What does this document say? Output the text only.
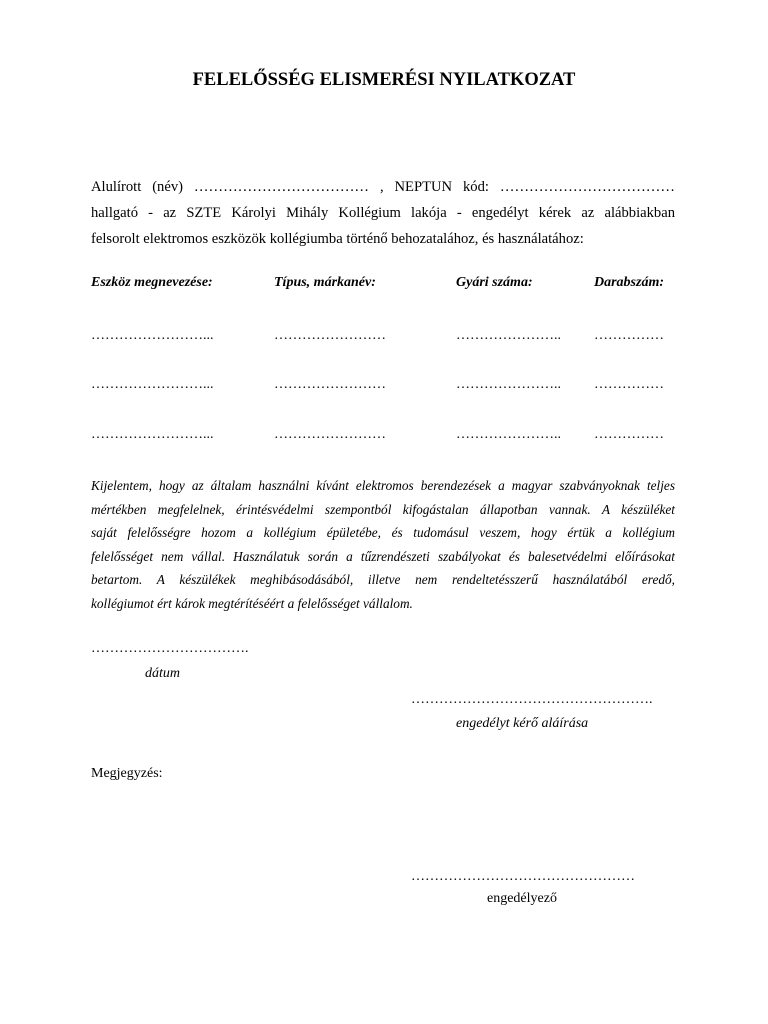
FELELŐSSÉG ELISMERÉSI NYILATKOZAT
Alulírott (név) ……………………………… , NEPTUN kód: ………………………………
hallgató - az SZTE Károlyi Mihály Kollégium lakója - engedélyt kérek az alábbiakban
felsorolt elektromos eszközök kollégiumba történő behozatalához, és használatához:
Eszköz megnevezése:	Típus, márkanév:	Gyári száma:	Darabszám:
……………………...	……………………	………………….. ……………
……………………...	……………………	………………….. ……………
……………………...	……………………	………………….. ……………
Kijelentem, hogy az általam használni kívánt elektromos berendezések a magyar szabványoknak teljes
mértékben megfelelnek, érintésvédelmi szempontból kifogástalan állapotban vannak. A készüléket
saját felelősségre hozom a kollégium épületébe, és tudomásul veszem, hogy értük a kollégium
felelősséget nem vállal. Használatuk során a tűzrendészeti szabályokat és balesetvédelmi előírásokat
betartom. A készülékek meghibásodásából, illetve nem rendeltetésszerű használatából eredő,
kollégiumot ért károk megtérítéséért a felelősséget vállalom.
…………………………….
dátum
…………………………………………….
engedélyt kérő aláírása
Megjegyzés:
…………………………………………
engedélyező
